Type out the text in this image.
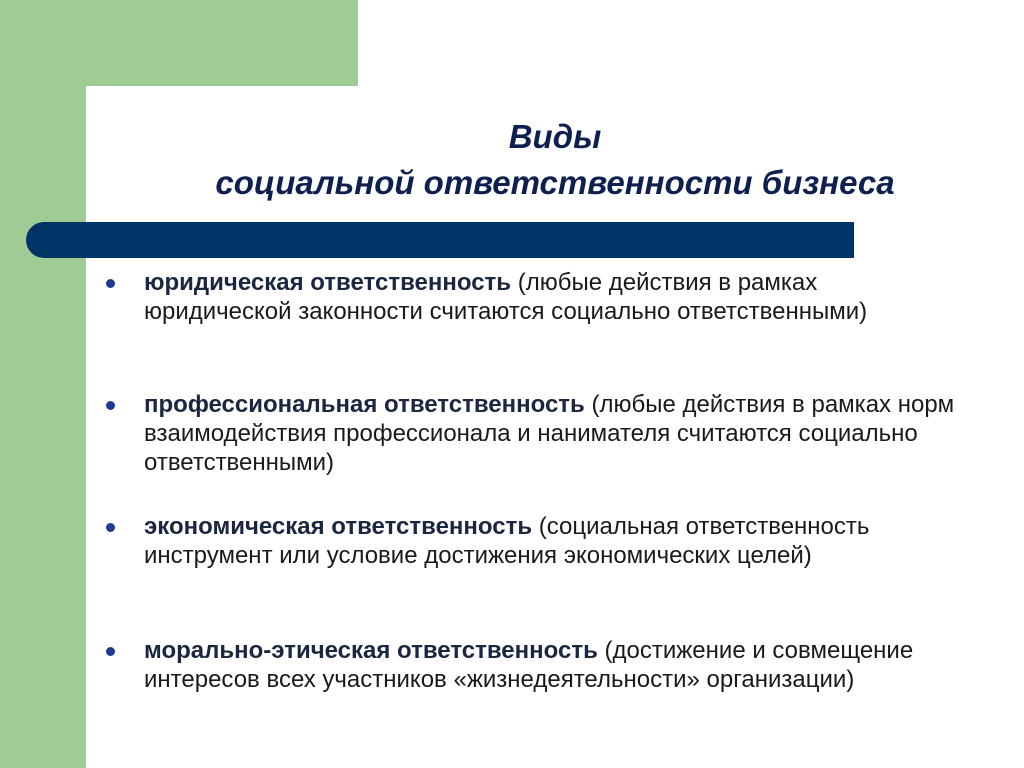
Виды
социальной ответственности бизнеса
юридическая ответственность (любые действия в рамках юридической законности считаются социально ответственными)
профессиональная ответственность (любые действия в рамках норм взаимодействия профессионала и нанимателя считаются социально ответственными)
экономическая ответственность (социальная ответственность инструмент или условие достижения экономических целей)
морально-этическая ответственность (достижение и совмещение интересов всех участников «жизнедеятельности» организации)
